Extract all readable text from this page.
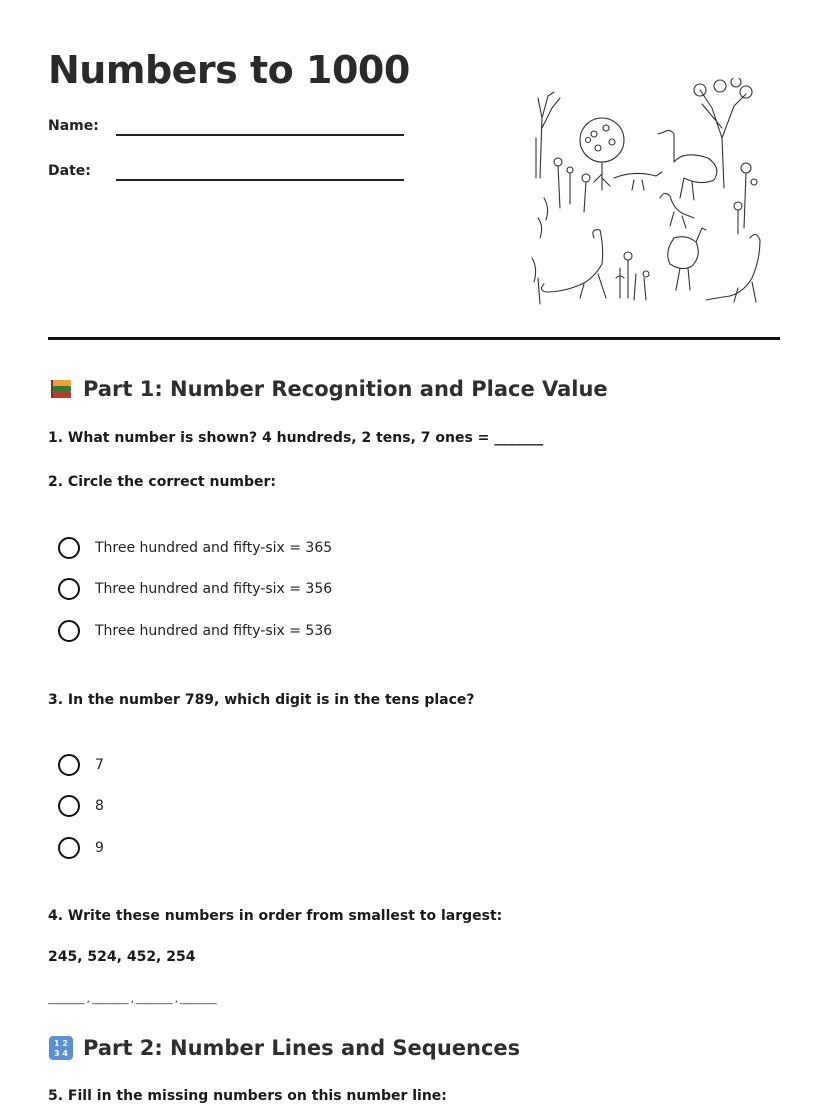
Numbers to 1000
Name:
Date:
Part 1: Number Recognition and Place Value

1. What number is shown? 4 hundreds, 2 tens, 7 ones = _______

2. Circle the correct number:

Three hundred and fifty-six = 365
Three hundred and fifty-six = 356
Three hundred and fifty-six = 536

3. In the number 789, which digit is in the tens place?

7
8
9

4. Write these numbers in order from smallest to largest:

245, 524, 452, 254

________ , ________ , ________ , ________
1 2
3 4 Part 2: Number Lines and Sequences

5. Fill in the missing numbers on this number line:
